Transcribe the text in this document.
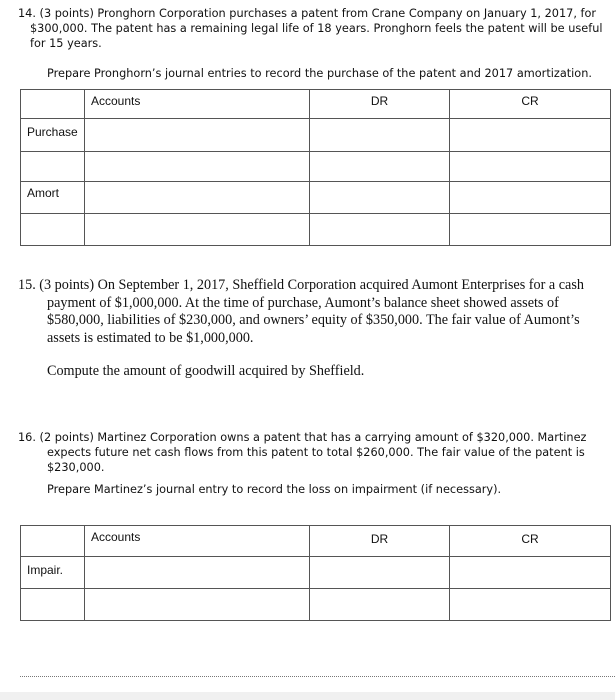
14. (3 points) Pronghorn Corporation purchases a patent from Crane Company on January 1, 2017, for
$300,000. The patent has a remaining legal life of 18 years. Pronghorn feels the patent will be useful
for 15 years.
Prepare Pronghorn’s journal entries to record the purchase of the patent and 2017 amortization.
	Accounts	DR	CR
Purchase			

Amort			

15. (3 points) On September 1, 2017, Sheffield Corporation acquired Aumont Enterprises for a cash
payment of $1,000,000. At the time of purchase, Aumont’s balance sheet showed assets of
$580,000, liabilities of $230,000, and owners’ equity of $350,000. The fair value of Aumont’s
assets is estimated to be $1,000,000.
Compute the amount of goodwill acquired by Sheffield.
16. (2 points) Martinez Corporation owns a patent that has a carrying amount of $320,000. Martinez
expects future net cash flows from this patent to total $260,000. The fair value of the patent is
$230,000.
Prepare Martinez’s journal entry to record the loss on impairment (if necessary).
	Accounts	DR	CR
Impair.			
